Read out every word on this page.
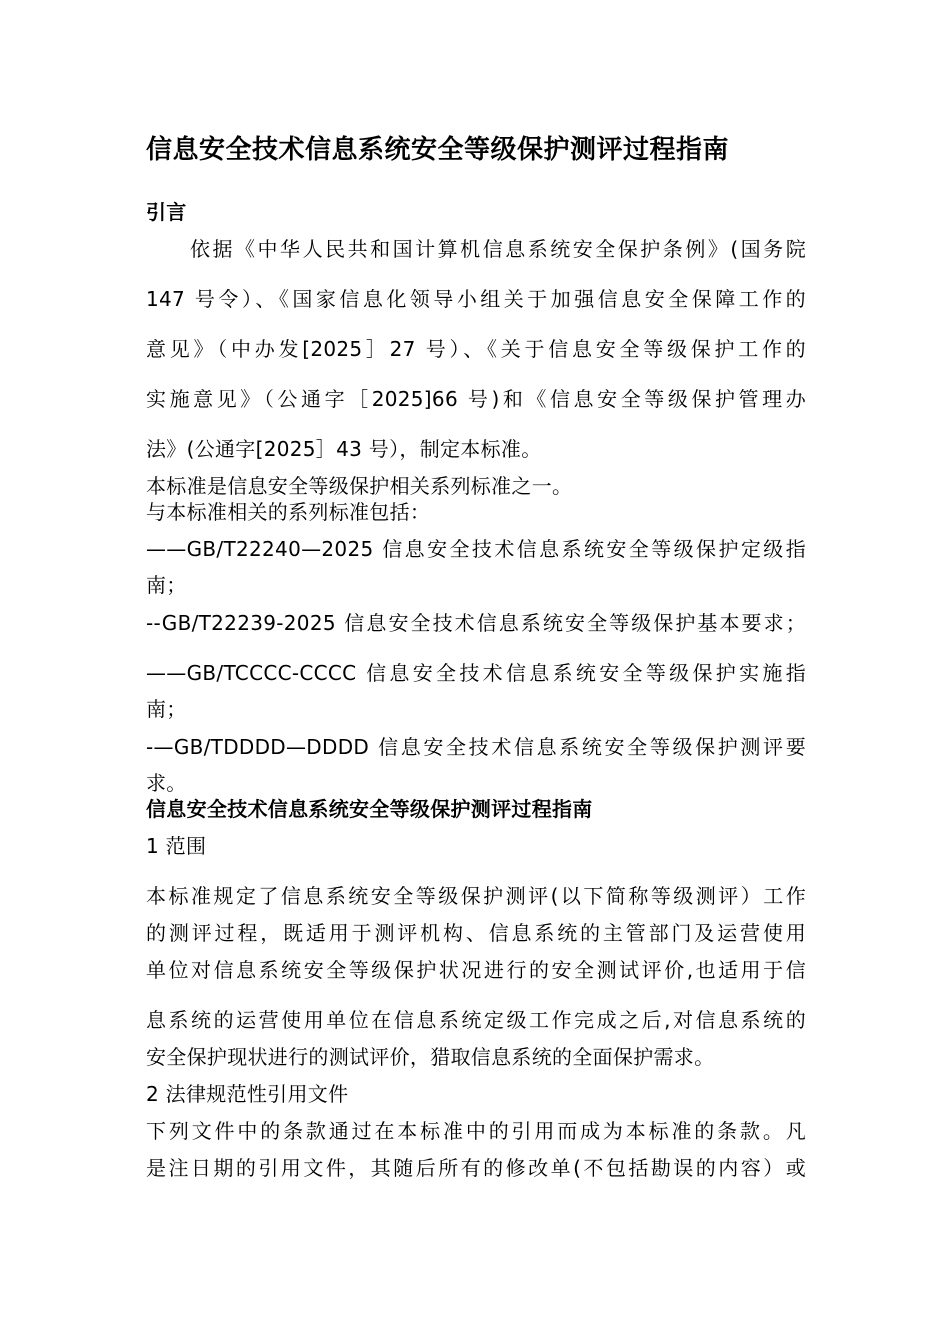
信息安全技术信息系统安全等级保护测评过程指南
引言
依据《中华人民共和国计算机信息系统安全保护条例》(国务院
147 号令）、《国家信息化领导小组关于加强信息安全保障工作的
意见》（中办发[2025］27 号）、《关于信息安全等级保护工作的
实施意见》（公通字［2025]66 号)和《信息安全等级保护管理办
法》(公通字[2025］43 号），制定本标准。
本标准是信息安全等级保护相关系列标准之一。
与本标准相关的系列标准包括：
——GB/T22240—2025 信息安全技术信息系统安全等级保护定级指
南；
--GB/T22239-2025 信息安全技术信息系统安全等级保护基本要求；
——GB/TCCCC-CCCC 信息安全技术信息系统安全等级保护实施指
南；
-—GB/TDDDD—DDDD 信息安全技术信息系统安全等级保护测评要
求。
信息安全技术信息系统安全等级保护测评过程指南
1 范围
本标准规定了信息系统安全等级保护测评(以下简称等级测评）工作
的测评过程，既适用于测评机构、信息系统的主管部门及运营使用
单位对信息系统安全等级保护状况进行的安全测试评价,也适用于信
息系统的运营使用单位在信息系统定级工作完成之后,对信息系统的
安全保护现状进行的测试评价，猎取信息系统的全面保护需求。
2 法律规范性引用文件
下列文件中的条款通过在本标准中的引用而成为本标准的条款。凡
是注日期的引用文件，其随后所有的修改单(不包括勘误的内容）或
